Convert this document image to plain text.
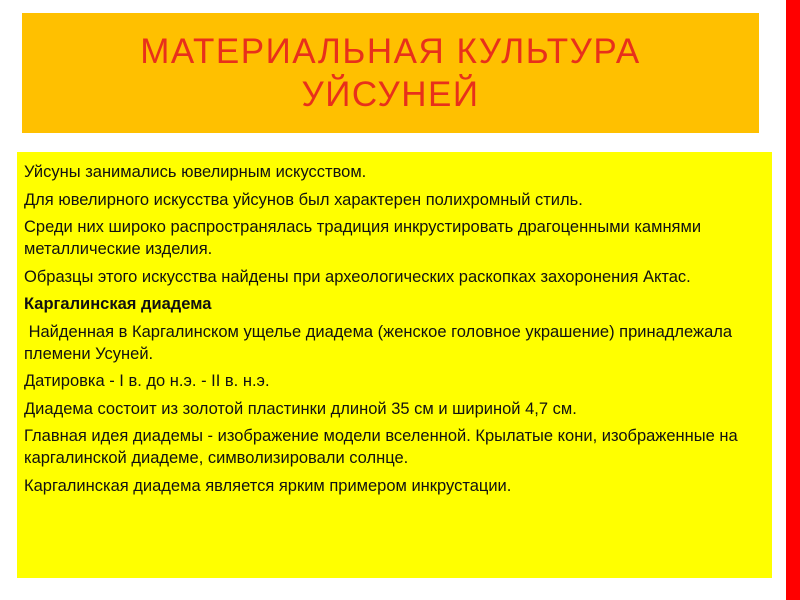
МАТЕРИАЛЬНАЯ КУЛЬТУРА УЙСУНЕЙ

Уйсуны занимались ювелирным искусством.

Для ювелирного искусства уйсунов был характерен полихромный стиль.

Среди них широко распространялась традиция инкрустировать драгоценными камнями металлические изделия.

Образцы этого искусства найдены при археологических раскопках захоронения Актас.

Каргалинская диадема

Найденная в Каргалинском ущелье диадема (женское головное украшение) принадлежала племени Усуней.

Датировка - I в. до н.э. - II в. н.э.

Диадема состоит из золотой пластинки длиной 35 см и шириной 4,7 см.

Главная идея диадемы - изображение модели вселенной. Крылатые кони, изображенные на каргалинской диадеме, символизировали солнце.

Каргалинская диадема является ярким примером инкрустации.
